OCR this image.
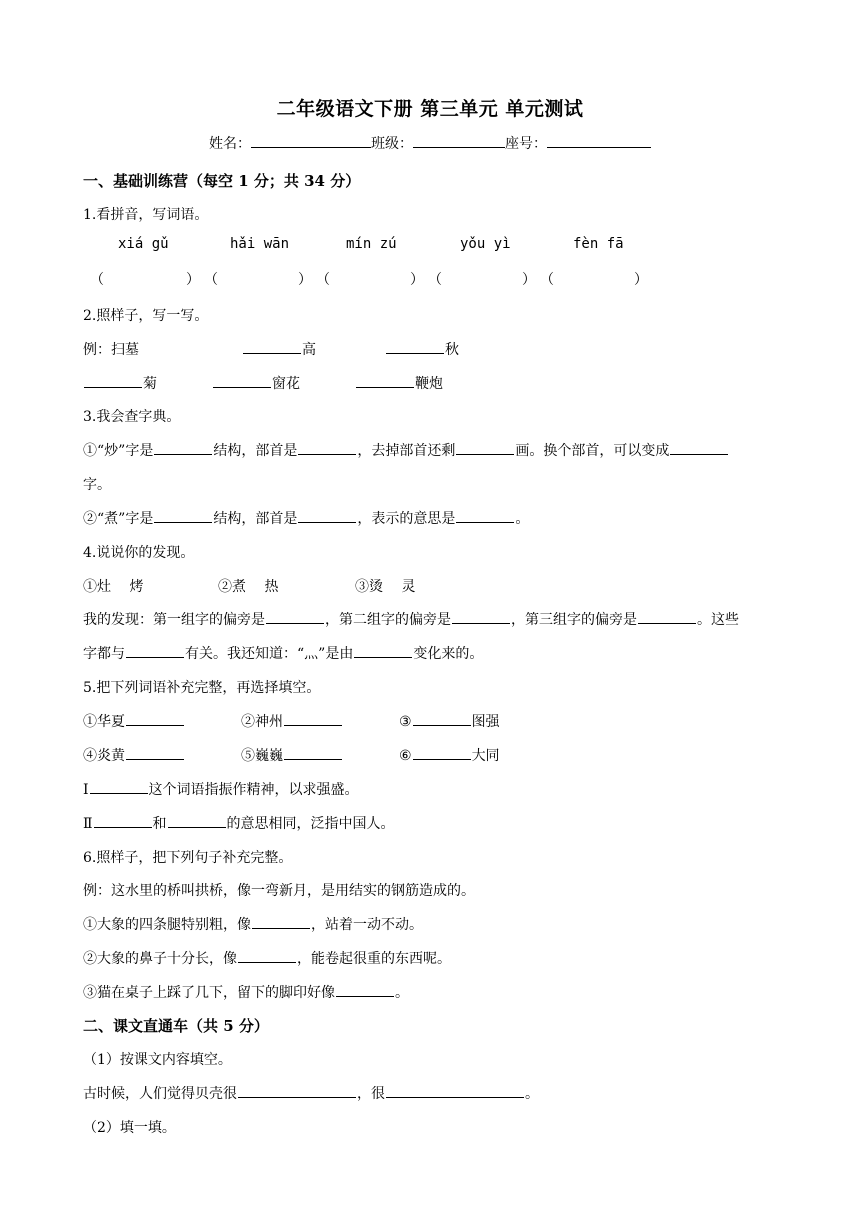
二年级语文下册 第三单元 单元测试
姓名：	班级：	座号：
一、基础训练营（每空 1 分；共 34 分）
1.看拼音，写词语。
xiá gǔ	hǎi wān	mín zú	yǒu yì	fèn fā
（	） （	） （	） （	） （	）
2.照样子，写一写。
例：扫墓	高	秋
菊	窗花	鞭炮
3.我会查字典。
①“炒”字是	结构，部首是	，去掉部首还剩	画。换个部首，可以变成
字。
②“煮”字是	结构，部首是	，表示的意思是	。
4.说说你的发现。
①灶　 烤	②煮　 热	③烫　 灵
我的发现：第一组字的偏旁是	，第二组字的偏旁是	，第三组字的偏旁是	。这些
字都与	有关。我还知道：“灬”是由	变化来的。
5.把下列词语补充完整，再选择填空。
①华夏	②神州	③	图强
④炎黄	⑤巍巍	⑥	大同
Ⅰ	这个词语指振作精神，以求强盛。
Ⅱ	和	的意思相同，泛指中国人。
6.照样子，把下列句子补充完整。
例：这水里的桥叫拱桥，像一弯新月，是用结实的钢筋造成的。
①大象的四条腿特别粗，像	，站着一动不动。
②大象的鼻子十分长，像	，能卷起很重的东西呢。
③猫在桌子上踩了几下，留下的脚印好像	。
二、课文直通车（共 5 分）
（1）按课文内容填空。
古时候，人们觉得贝壳很	，很	。
（2）填一填。
